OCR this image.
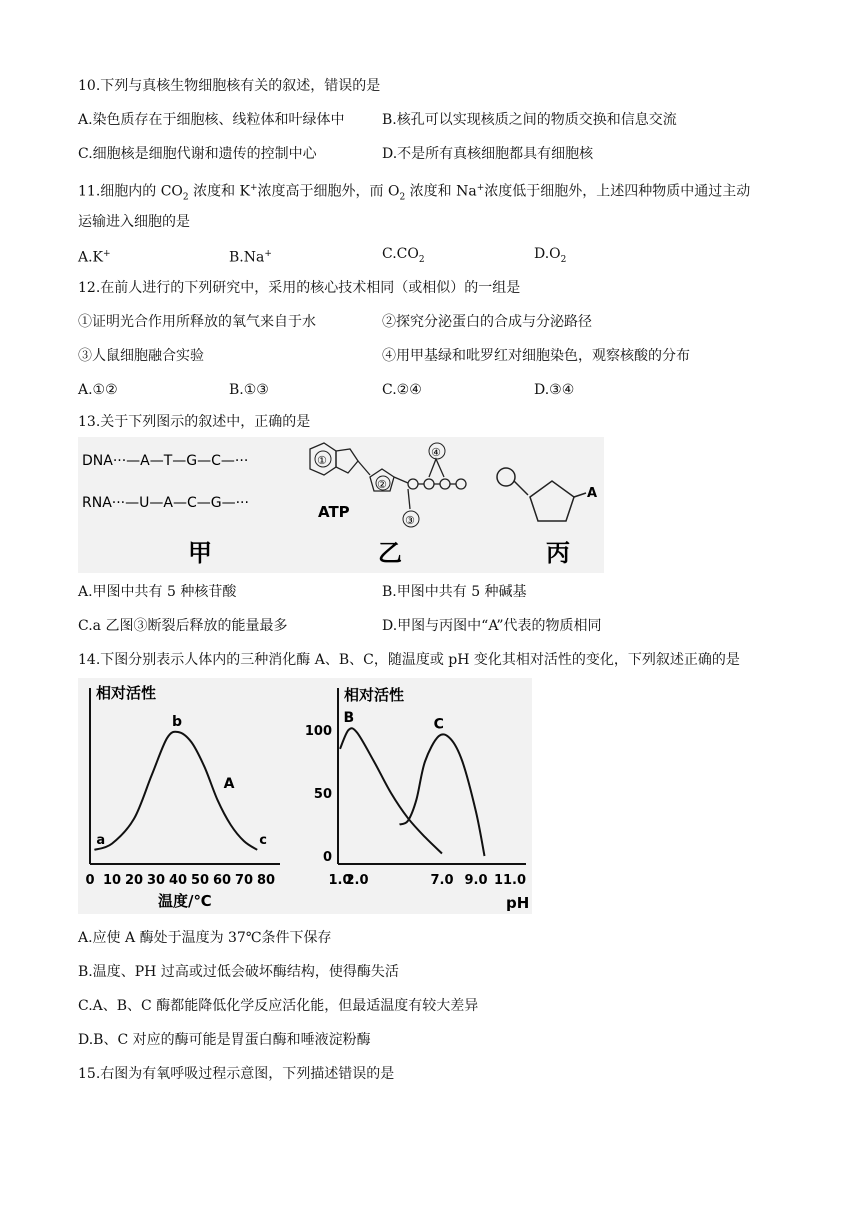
10.下列与真核生物细胞核有关的叙述，错误的是
A.染色质存在于细胞核、线粒体和叶绿体中	B.核孔可以实现核质之间的物质交换和信息交流
C.细胞核是细胞代谢和遗传的控制中心	D.不是所有真核细胞都具有细胞核
11.细胞内的 $CO_2$ 浓度和 K+浓度高于细胞外，而 $O_2$ 浓度和 Na+浓度低于细胞外，上述四种物质中通过主动
运输进入细胞的是
A.K+	B.Na+	$C.CO_2$	$D.O_2$
12.在前人进行的下列研究中，采用的核心技术相同（或相似）的一组是
①证明光合作用所释放的氧气来自于水	②探究分泌蛋白的合成与分泌路径
③人鼠细胞融合实验	④用甲基绿和吡罗红对细胞染色，观察核酸的分布
A.①②	B.①③	C.②④	D.③④
13.关于下列图示的叙述中，正确的是
DNA···—A—T—G—C—···
RNA···—U—A—C—G—···
甲
①
②
③
④
ATP
乙
A
丙
A.甲图中共有 5 种核苷酸	B.甲图中共有 5 种碱基
C.a 乙图③断裂后释放的能量最多	D.甲图与丙图中“A”代表的物质相同
14.下图分别表示人体内的三种消化酶 A、B、C，随温度或 pH 变化其相对活性的变化，下列叙述正确的是
相对活性
温度/℃
0 10 20 30 40 50 60 70 80
a
b
c
A
相对活性
pH
1.0
2.0	7.0 9.0 11.0
0
50
100
B	C
A.应使 A 酶处于温度为 37℃条件下保存
B.温度、PH 过高或过低会破坏酶结构，使得酶失活
C.A、B、C 酶都能降低化学反应活化能，但最适温度有较大差异
D.B、C 对应的酶可能是胃蛋白酶和唾液淀粉酶
15.右图为有氧呼吸过程示意图，下列描述错误的是
